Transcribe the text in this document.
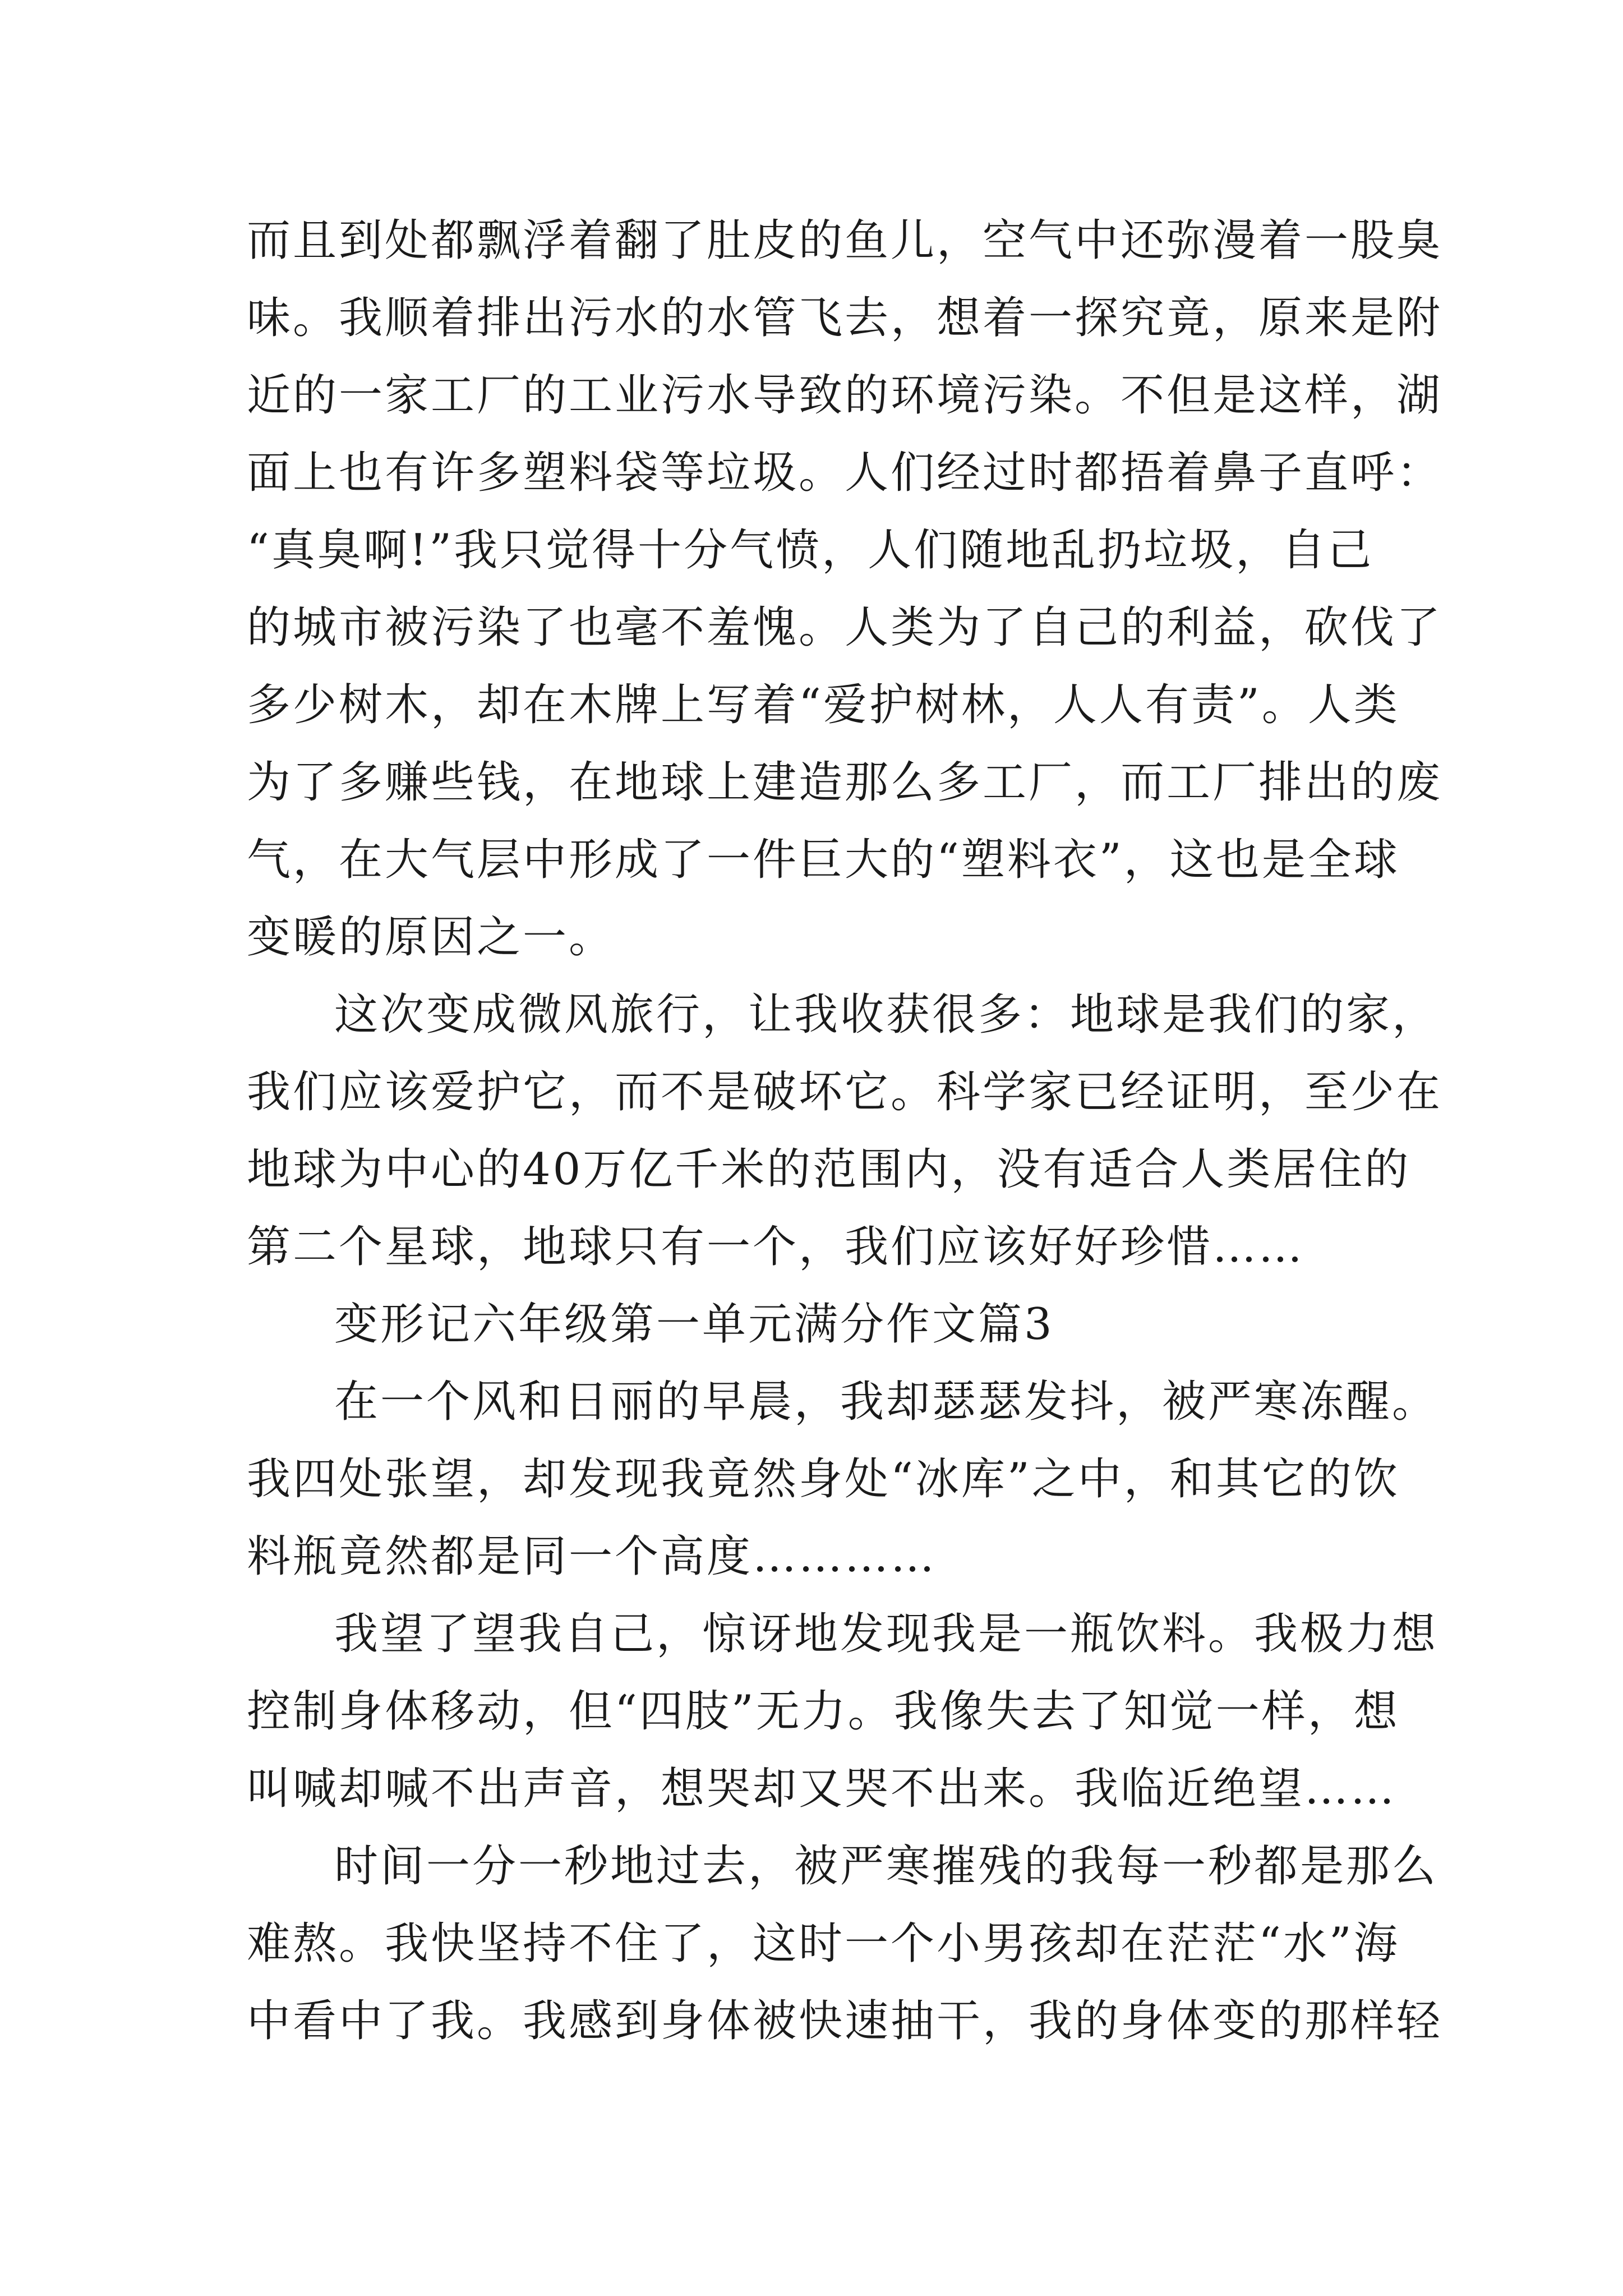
而且到处都飘浮着翻了肚皮的鱼儿，空气中还弥漫着一股臭
味。我顺着排出污水的水管飞去，想着一探究竟，原来是附
近的一家工厂的工业污水导致的环境污染。不但是这样，湖
面上也有许多塑料袋等垃圾。人们经过时都捂着鼻子直呼：
“真臭啊!”我只觉得十分气愤，人们随地乱扔垃圾，自己
的城市被污染了也毫不羞愧。人类为了自己的利益，砍伐了
多少树木，却在木牌上写着“爱护树林，人人有责”。人类
为了多赚些钱，在地球上建造那么多工厂，而工厂排出的废
气，在大气层中形成了一件巨大的“塑料衣”，这也是全球
变暖的原因之一。
这次变成微风旅行，让我收获很多：地球是我们的家，
我们应该爱护它，而不是破坏它。科学家已经证明，至少在
地球为中心的40万亿千米的范围内，没有适合人类居住的
第二个星球，地球只有一个，我们应该好好珍惜……
变形记六年级第一单元满分作文篇3
在一个风和日丽的早晨，我却瑟瑟发抖，被严寒冻醒。
我四处张望，却发现我竟然身处“冰库”之中，和其它的饮
料瓶竟然都是同一个高度…………
我望了望我自己，惊讶地发现我是一瓶饮料。我极力想
控制身体移动，但“四肢”无力。我像失去了知觉一样，想
叫喊却喊不出声音，想哭却又哭不出来。我临近绝望……
时间一分一秒地过去，被严寒摧残的我每一秒都是那么
难熬。我快坚持不住了，这时一个小男孩却在茫茫“水”海
中看中了我。我感到身体被快速抽干，我的身体变的那样轻
